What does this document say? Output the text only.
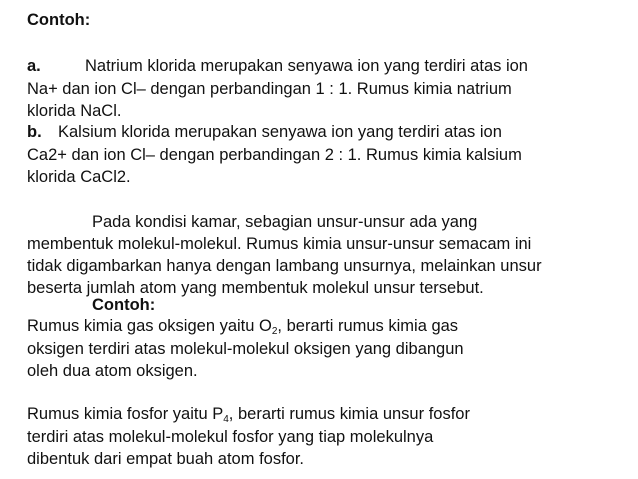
Contoh:

a.	Natrium klorida merupakan senyawa ion yang terdiri atas ion

Na+ dan ion Cl– dengan perbandingan 1 : 1. Rumus kimia natrium

klorida NaCl.

b. Kalsium klorida merupakan senyawa ion yang terdiri atas ion

Ca2+ dan ion Cl– dengan perbandingan 2 : 1. Rumus kimia kalsium

klorida CaCl2.

Pada kondisi kamar, sebagian unsur-unsur ada yang

membentuk molekul-molekul. Rumus kimia unsur-unsur semacam ini

tidak digambarkan hanya dengan lambang unsurnya, melainkan unsur

beserta jumlah atom yang membentuk molekul unsur tersebut.

Contoh:

Rumus kimia gas oksigen yaitu $O_2$, berarti rumus kimia gas

oksigen terdiri atas molekul-molekul oksigen yang dibangun

oleh dua atom oksigen.

Rumus kimia fosfor yaitu $P_4$, berarti rumus kimia unsur fosfor

terdiri atas molekul-molekul fosfor yang tiap molekulnya

dibentuk dari empat buah atom fosfor.
